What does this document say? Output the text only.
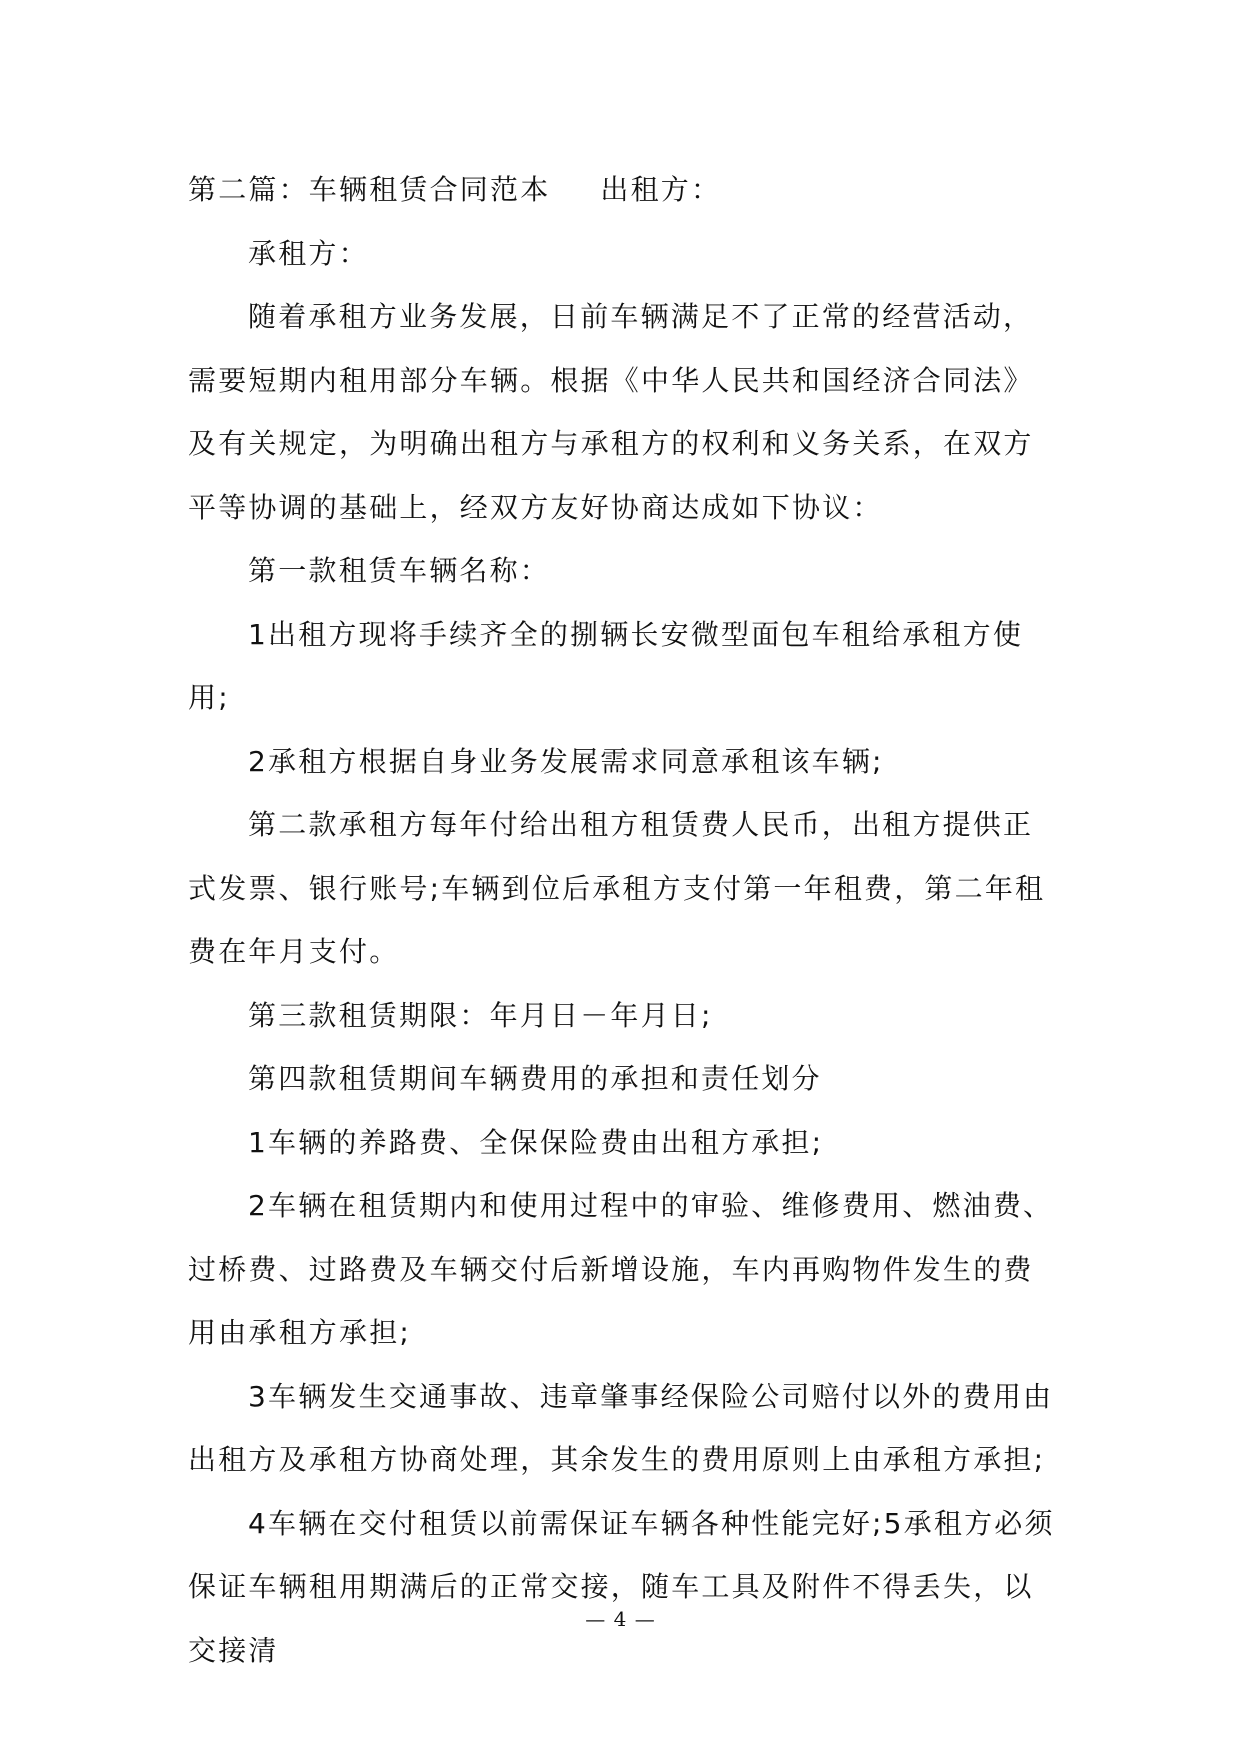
第二篇：车辆租赁合同范本 出租方：

承租方：

随着承租方业务发展，日前车辆满足不了正常的经营活动，需要短期内租用部分车辆。根据《中华人民共和国经济合同法》及有关规定，为明确出租方与承租方的权利和义务关系，在双方平等协调的基础上，经双方友好协商达成如下协议：

第一款租赁车辆名称：

1出租方现将手续齐全的捌辆长安微型面包车租给承租方使用;

2承租方根据自身业务发展需求同意承租该车辆;

第二款承租方每年付给出租方租赁费人民币，出租方提供正式发票、银行账号;车辆到位后承租方支付第一年租费，第二年租费在年月支付。

第三款租赁期限：年月日－年月日;

第四款租赁期间车辆费用的承担和责任划分

1车辆的养路费、全保保险费由出租方承担;

2车辆在租赁期内和使用过程中的审验、维修费用、燃油费、过桥费、过路费及车辆交付后新增设施，车内再购物件发生的费用由承租方承担;

3车辆发生交通事故、违章肇事经保险公司赔付以外的费用由出租方及承租方协商处理，其余发生的费用原则上由承租方承担;

4车辆在交付租赁以前需保证车辆各种性能完好;5承租方必须保证车辆租用期满后的正常交接，随车工具及附件不得丢失，以交接清

— 4 —
